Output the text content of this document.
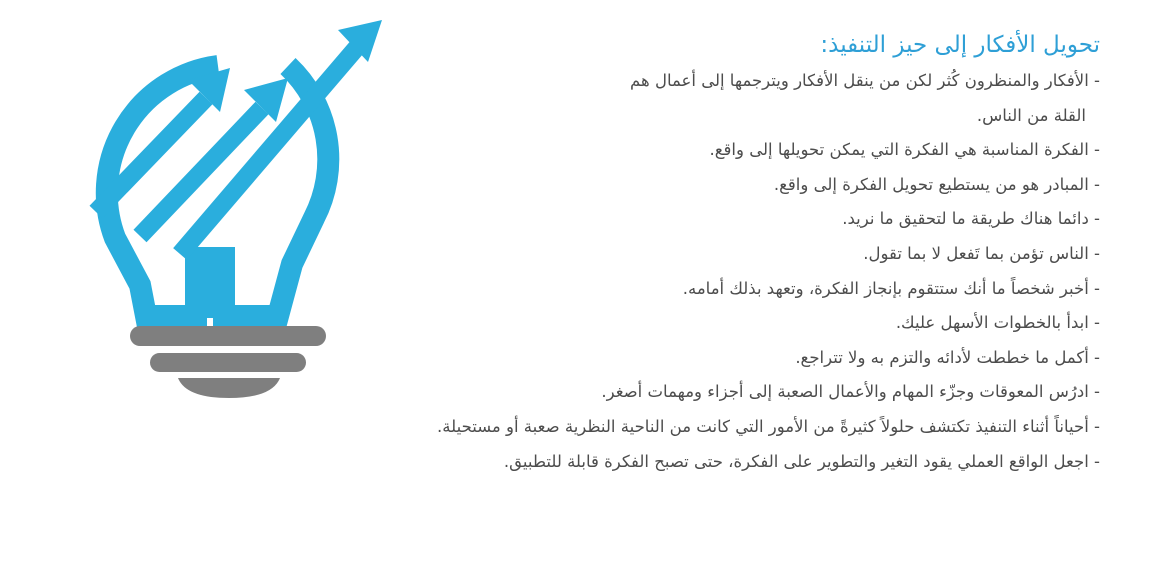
تحويل الأفكار إلى حيز التنفيذ:
- الأفكار والمنظرون كُثر لكن من ينقل الأفكار ويترجمها إلى أعمال هم
القلة من الناس.
- الفكرة المناسبة هي الفكرة التي يمكن تحويلها إلى واقع.
- المبادر هو من يستطيع تحويل الفكرة إلى واقع.
- دائما هناك طريقة ما لتحقيق ما نريد.
- الناس تؤمن بما تَفعل لا بما تقول.
- أخبر شخصاً ما أنك ستتقوم بإنجاز الفكرة، وتعهد بذلك أمامه.
- ابدأ بالخطوات الأسهل عليك.
- أكمل ما خططت لأدائه والتزم به ولا تتراجع.
- ادرُس المعوقات وجزّء المهام والأعمال الصعبة إلى أجزاء ومهمات أصغر.
- أحياناً أثناء التنفيذ تكتشف حلولاً كثيرةً من الأمور التي كانت من الناحية النظرية صعبة أو مستحيلة.
- اجعل الواقع العملي يقود التغير والتطوير على الفكرة، حتى تصبح الفكرة قابلة للتطبيق.
